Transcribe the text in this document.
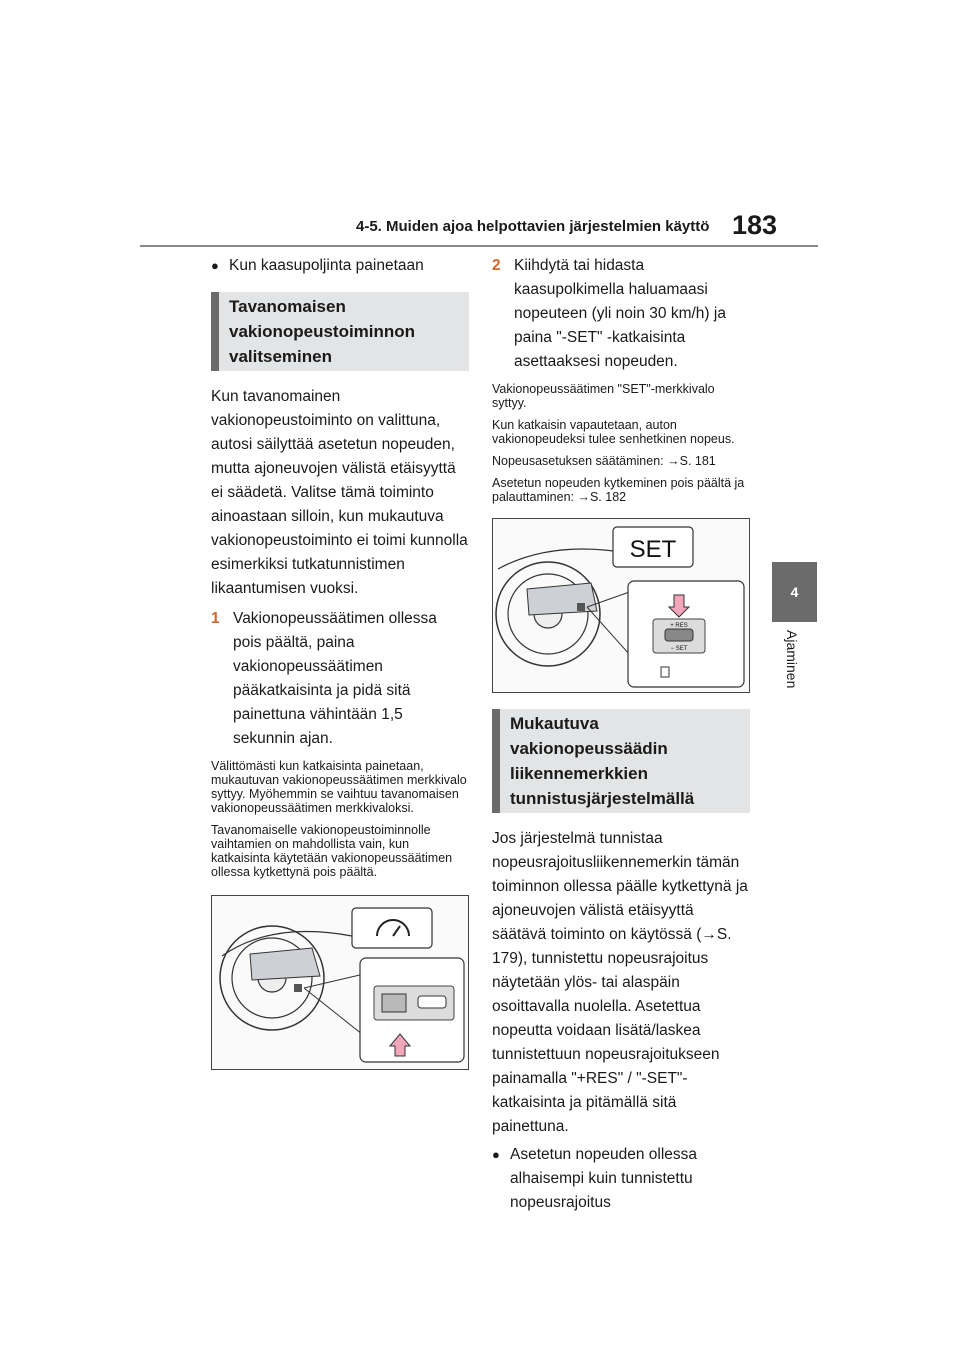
4-5. Muiden ajoa helpottavien järjestelmien käyttö 183
4
Ajaminen
● Kun kaasupoljinta painetaan
Tavanomaisen vakionopeustoiminnon valitseminen

Kun tavanomainen vakionopeustoiminto on valittuna, autosi säilyttää asetetun nopeuden, mutta ajoneuvojen välistä etäisyyttä ei säädetä. Valitse tämä toiminto ainoastaan silloin, kun mukautuva vakionopeustoiminto ei toimi kunnolla esimerkiksi tutkatunnistimen likaantumisen vuoksi.

1 Vakionopeussäätimen ollessa pois päältä, paina vakionopeussäätimen pääkatkaisinta ja pidä sitä painettuna vähintään 1,5 sekunnin ajan.

Välittömästi kun katkaisinta painetaan, mukautuvan vakionopeussäätimen merkkivalo syttyy. Myöhemmin se vaihtuu tavanomaisen vakionopeussäätimen merkkivaloksi.

Tavanomaiselle vakionopeustoiminnolle vaihtamien on mahdollista vain, kun katkaisinta käytetään vakionopeussäätimen ollessa kytkettynä pois päältä.

2 Kiihdytä tai hidasta kaasupolkimella haluamaasi nopeuteen (yli noin 30 km/h) ja paina "-SET" -katkaisinta asettaaksesi nopeuden.

Vakionopeussäätimen "SET"-merkkivalo syttyy.

Kun katkaisin vapautetaan, auton vakionopeudeksi tulee senhetkinen nopeus.

Nopeusasetuksen säätäminen: →S. 181

Asetetun nopeuden kytkeminen pois päältä ja palauttaminen: →S. 182

SET
+ RES
− SET
Mukautuva vakionopeussäädin liikennemerkkien tunnistusjärjestelmällä

Jos järjestelmä tunnistaa nopeusrajoitusliikennemerkin tämän toiminnon ollessa päälle kytkettynä ja ajoneuvojen välistä etäisyyttä säätävä toiminto on käytössä (→S. 179), tunnistettu nopeusrajoitus näytetään ylös- tai alaspäin osoittavalla nuolella. Asetettua nopeutta voidaan lisätä/laskea tunnistettuun nopeusrajoitukseen painamalla "+RES" / "-SET"-katkaisinta ja pitämällä sitä painettuna.

● Asetetun nopeuden ollessa alhaisempi kuin tunnistettu nopeusrajoitus
